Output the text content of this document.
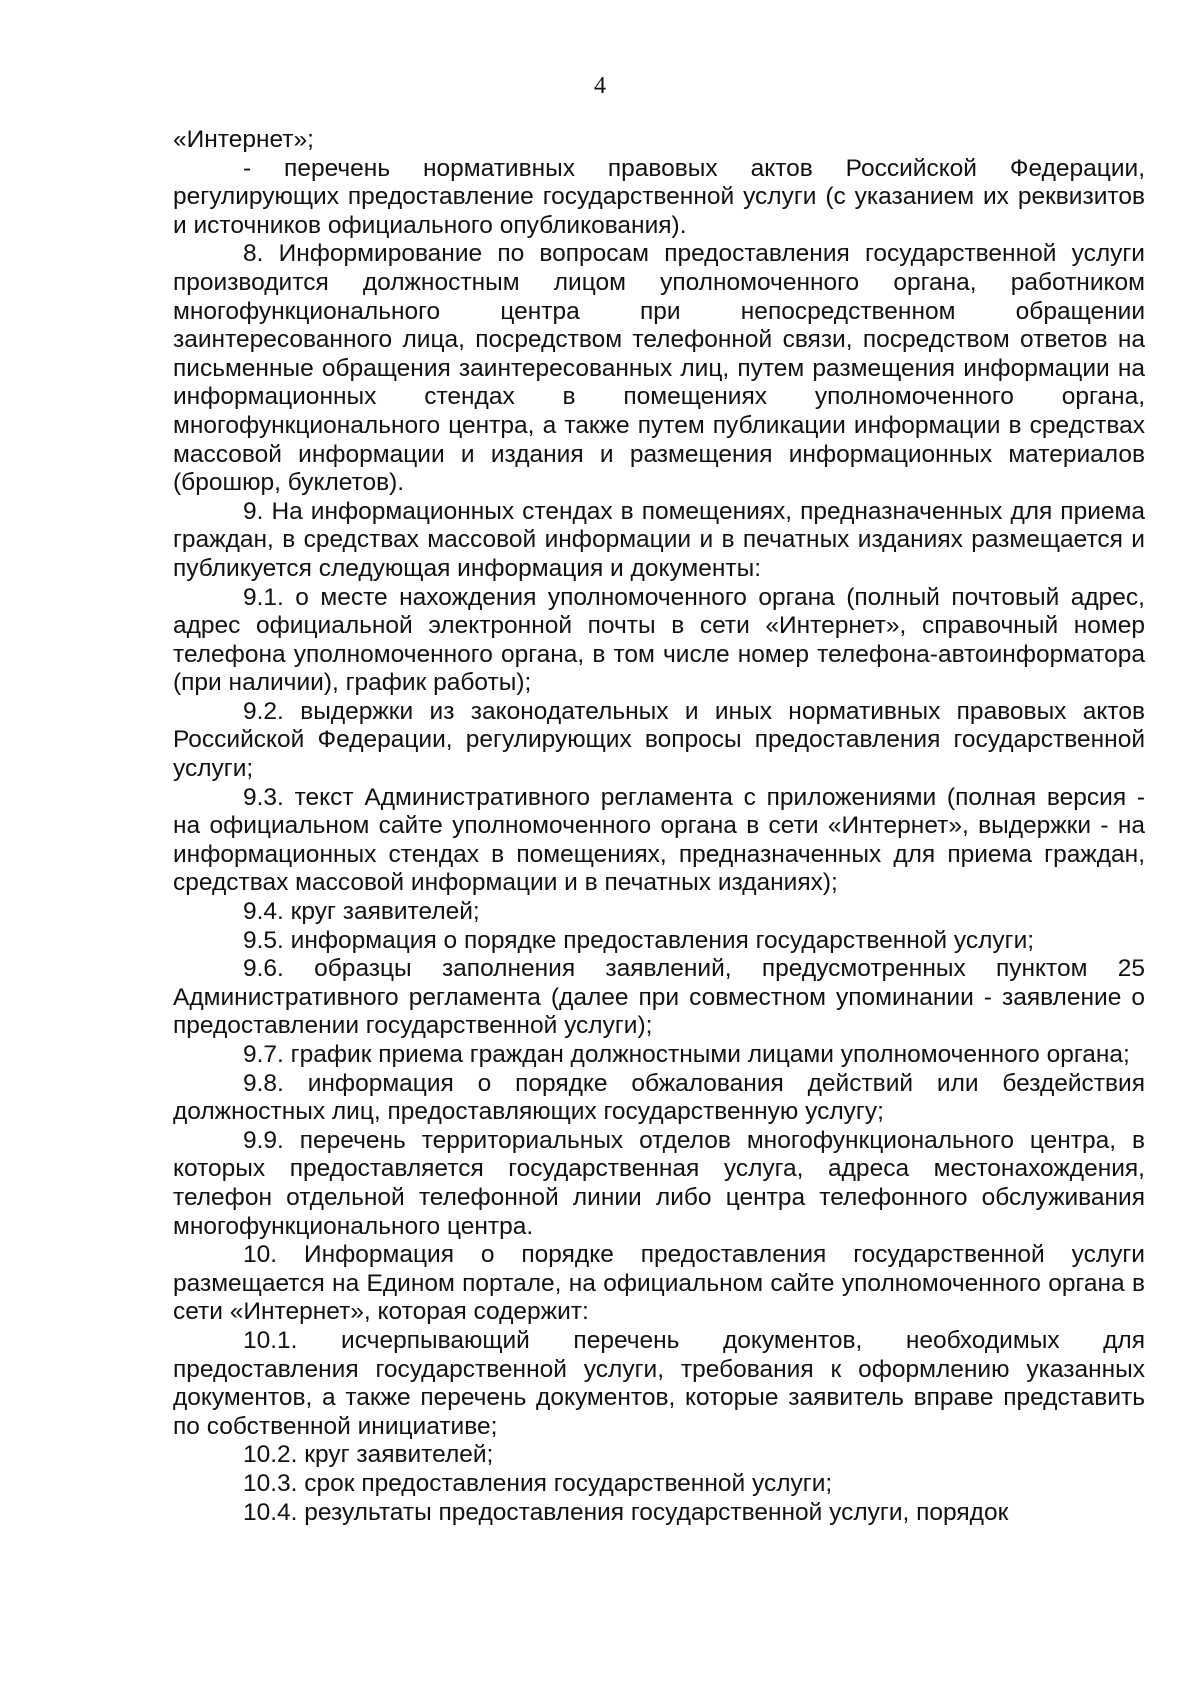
4

«Интернет»;

- перечень нормативных правовых актов Российской Федерации, регулирующих предоставление государственной услуги (с указанием их реквизитов и источников официального опубликования).

8. Информирование по вопросам предоставления государственной услуги производится должностным лицом уполномоченного органа, работником многофункционального центра при непосредственном обращении заинтересованного лица, посредством телефонной связи, посредством ответов на письменные обращения заинтересованных лиц, путем размещения информации на информационных стендах в помещениях уполномоченного органа, многофункционального центра, а также путем публикации информации в средствах массовой информации и издания и размещения информационных материалов (брошюр, буклетов).

9. На информационных стендах в помещениях, предназначенных для приема граждан, в средствах массовой информации и в печатных изданиях размещается и публикуется следующая информация и документы:

9.1. о месте нахождения уполномоченного органа (полный почтовый адрес, адрес официальной электронной почты в сети «Интернет», справочный номер телефона уполномоченного органа, в том числе номер телефона-автоинформатора (при наличии), график работы);

9.2. выдержки из законодательных и иных нормативных правовых актов Российской Федерации, регулирующих вопросы предоставления государственной услуги;

9.3. текст Административного регламента с приложениями (полная версия - на официальном сайте уполномоченного органа в сети «Интернет», выдержки - на информационных стендах в помещениях, предназначенных для приема граждан, средствах массовой информации и в печатных изданиях);

9.4. круг заявителей;

9.5. информация о порядке предоставления государственной услуги;

9.6. образцы заполнения заявлений, предусмотренных пунктом 25 Административного регламента (далее при совместном упоминании - заявление о предоставлении государственной услуги);

9.7. график приема граждан должностными лицами уполномоченного органа;

9.8. информация о порядке обжалования действий или бездействия должностных лиц, предоставляющих государственную услугу;

9.9. перечень территориальных отделов многофункционального центра, в которых предоставляется государственная услуга, адреса местонахождения, телефон отдельной телефонной линии либо центра телефонного обслуживания многофункционального центра.

10. Информация о порядке предоставления государственной услуги размещается на Едином портале, на официальном сайте уполномоченного органа в сети «Интернет», которая содержит:

10.1. исчерпывающий перечень документов, необходимых для предоставления государственной услуги, требования к оформлению указанных документов, а также перечень документов, которые заявитель вправе представить по собственной инициативе;

10.2. круг заявителей;

10.3. срок предоставления государственной услуги;

10.4. результаты предоставления государственной услуги, порядок
